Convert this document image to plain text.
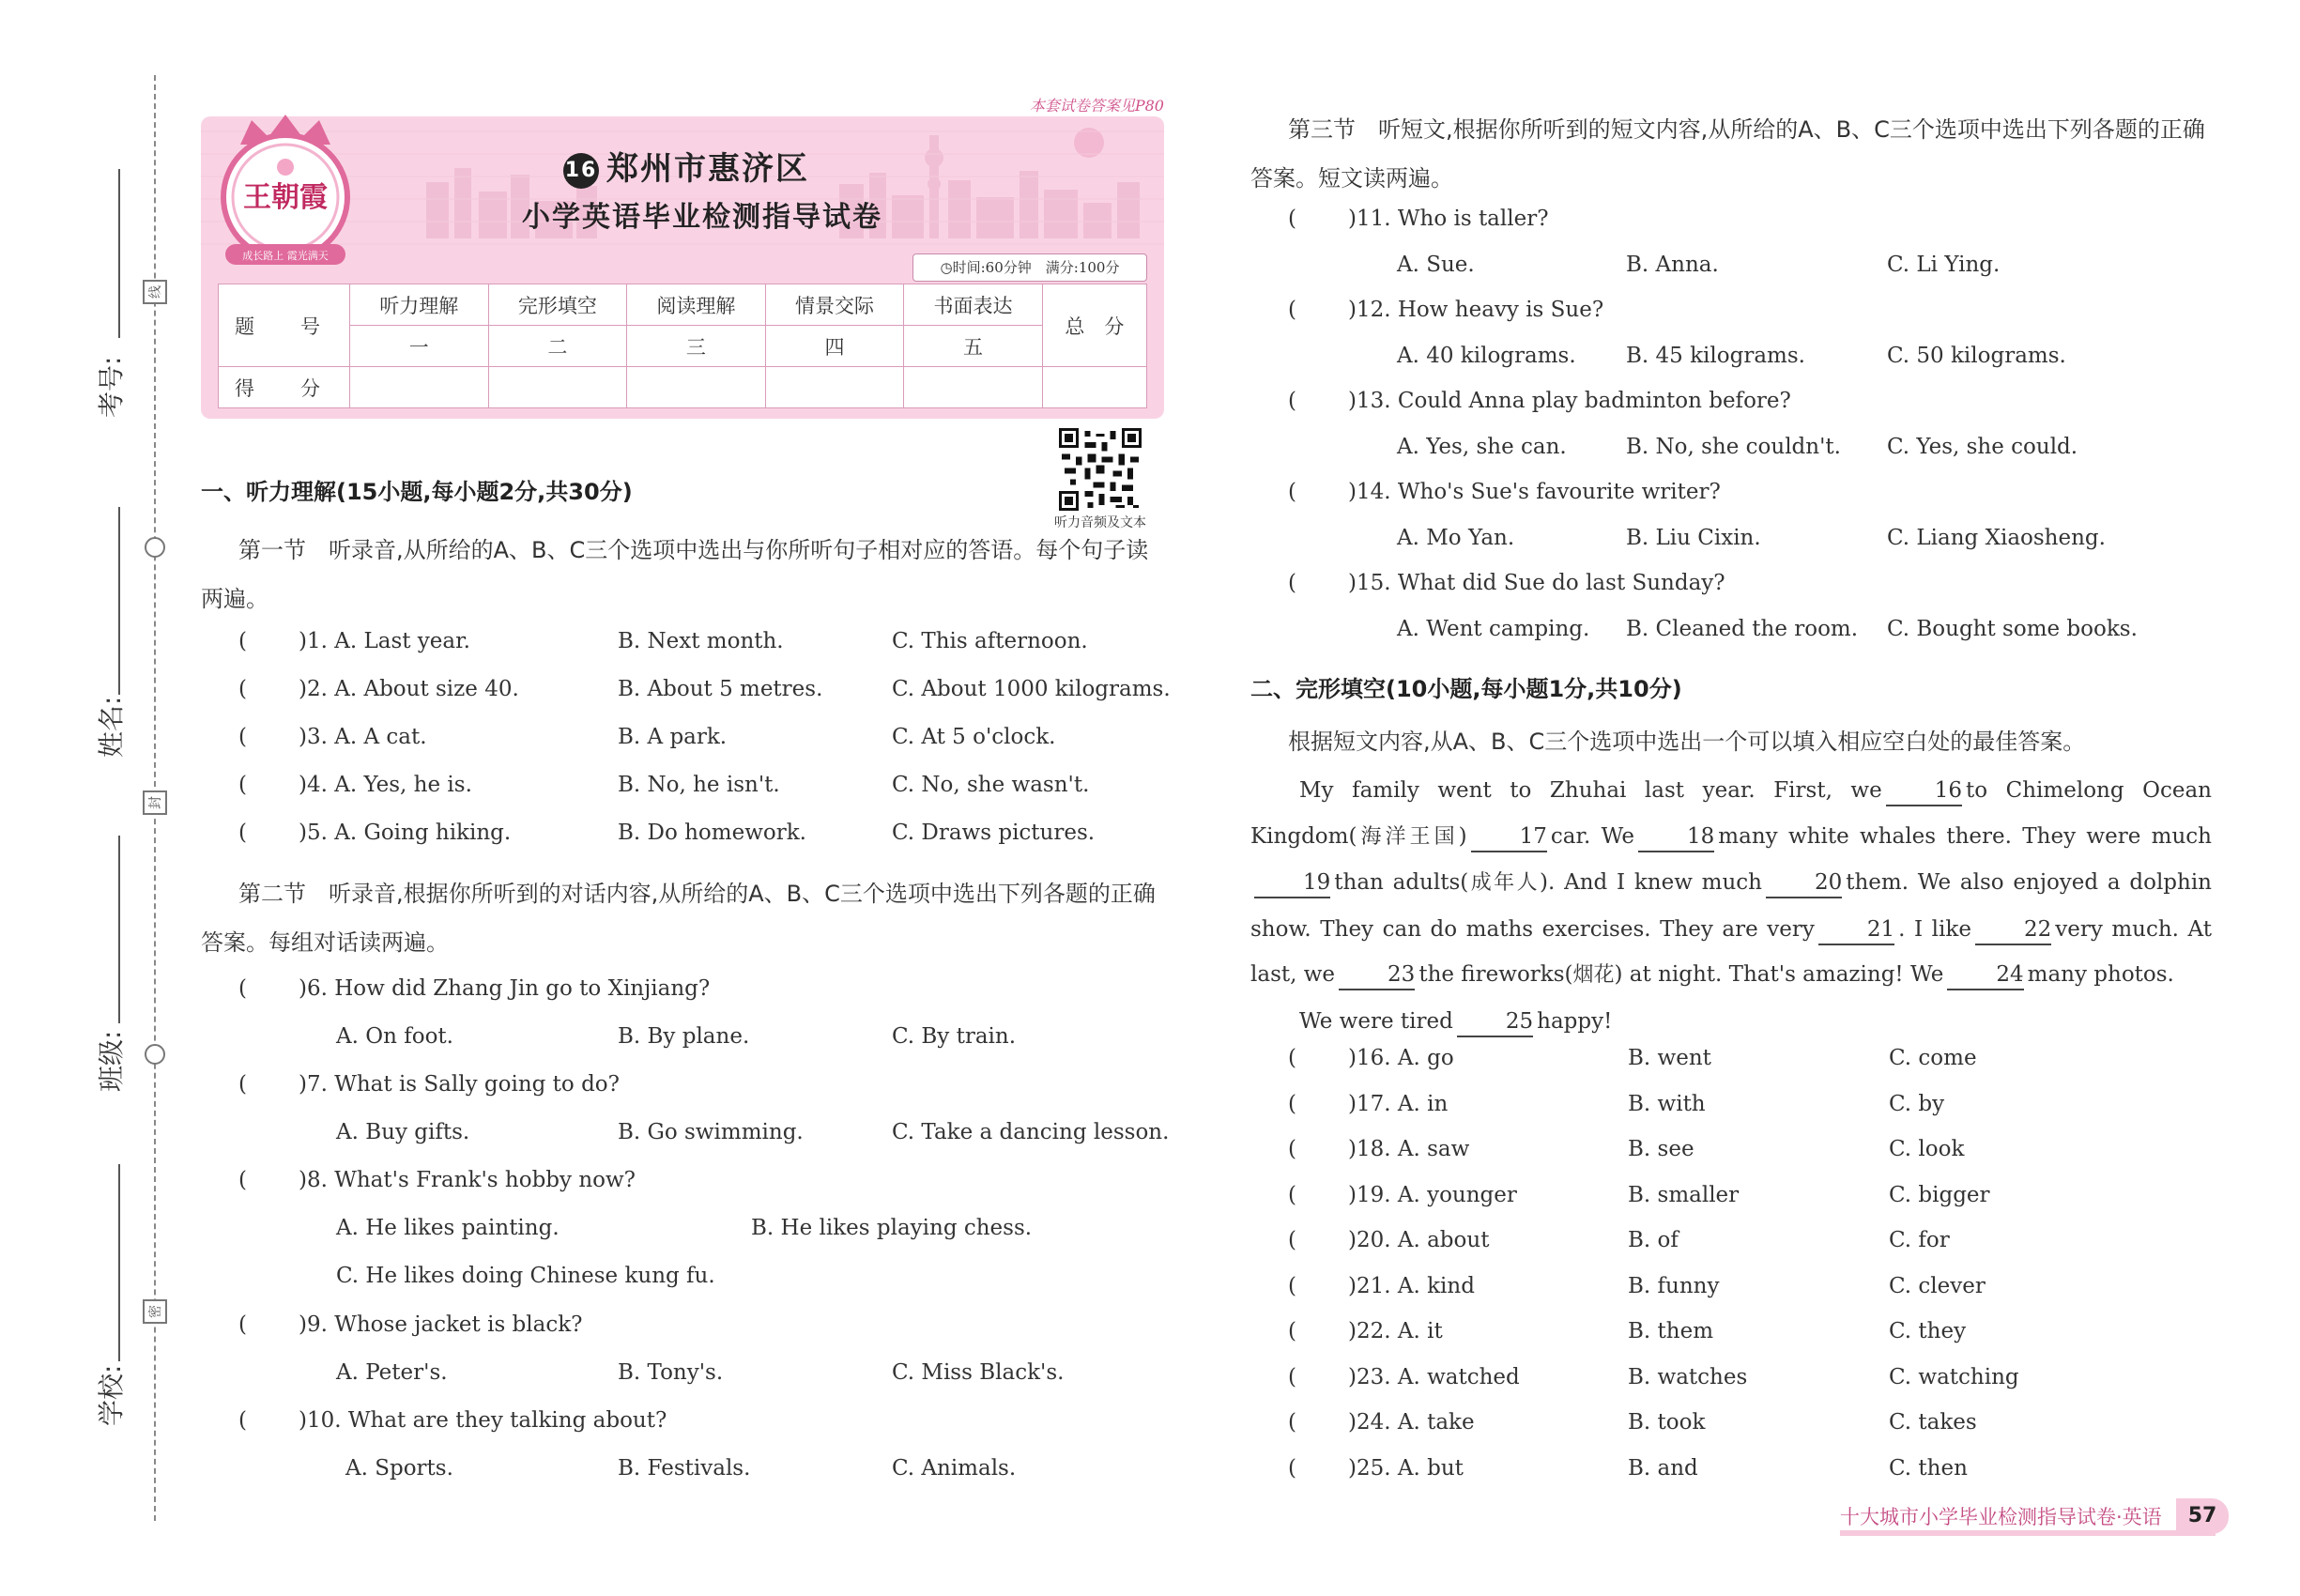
考号:
姓名:
班级:
学校:
线
封
密
本套试卷答案见P80
王朝霞
成长路上 霞光满天
16 郑州市惠济区
小学英语毕业检测指导试卷
◷时间:60分钟　满分:100分
题　号	听力理解	完形填空	阅读理解	情景交际	书面表达	总　分
	一	二	三	四	五	
得　分						
听力音频及文本
一、听力理解(15小题,每小题2分,共30分)
第一节　听录音,从所给的A、B、C三个选项中选出与你所听句子相对应的答语。每个句子读两遍。
( )1. A. Last year.	B. Next month.	C. This afternoon.
( )2. A. About size 40.	B. About 5 metres.	C. About 1000 kilograms.
( )3. A. A cat.	B. A park.	C. At 5 o'clock.
( )4. A. Yes, he is.	B. No, he isn't.	C. No, she wasn't.
( )5. A. Going hiking.	B. Do homework.	C. Draws pictures.
第二节　听录音,根据你所听到的对话内容,从所给的A、B、C三个选项中选出下列各题的正确答案。每组对话读两遍。
( )6. How did Zhang Jin go to Xinjiang?
A. On foot.	B. By plane.	C. By train.
( )7. What is Sally going to do?
A. Buy gifts.	B. Go swimming.	C. Take a dancing lesson.
( )8. What's Frank's hobby now?
A. He likes painting.	B. He likes playing chess.
C. He likes doing Chinese kung fu.
( )9. Whose jacket is black?
A. Peter's.	B. Tony's.	C. Miss Black's.
( )10. What are they talking about?
A. Sports.	B. Festivals.	C. Animals.
第三节　听短文,根据你所听到的短文内容,从所给的A、B、C三个选项中选出下列各题的正确答案。短文读两遍。
( )11. Who is taller?
A. Sue.	B. Anna.	C. Li Ying.
( )12. How heavy is Sue?
A. 40 kilograms. B. 45 kilograms.	C. 50 kilograms.
( )13. Could Anna play badminton before?
A. Yes, she can.	B. No, she couldn't. C. Yes, she could.
( )14. Who's Sue's favourite writer?
A. Mo Yan.	B. Liu Cixin.	C. Liang Xiaosheng.
( )15. What did Sue do last Sunday?
A. Went camping. B. Cleaned the room. C. Bought some books.
二、完形填空(10小题,每小题1分,共10分)
根据短文内容,从A、B、C三个选项中选出一个可以填入相应空白处的最佳答案。
My family went to Zhuhai last year. First, we 16 to Chimelong Ocean Kingdom(海洋王国) 17 car. We 18 many white whales there. They were much19 than adults(成年人). And I knew much 20 them. We also enjoyed a dolphin show. They can do maths exercises. They are very 21 . I like 22 very much. At last, we 23 the fireworks(烟花) at night. That's amazing! We 24 many photos.
We were tired 25 happy!
( )16. A. go	B. went	C. come
( )17. A. in	B. with	C. by
( )18. A. saw	B. see	C. look
( )19. A. younger	B. smaller	C. bigger
( )20. A. about	B. of	C. for
( )21. A. kind	B. funny	C. clever
( )22. A. it	B. them	C. they
( )23. A. watched	B. watches	C. watching
( )24. A. take	B. took	C. takes
( )25. A. but	B. and	C. then
十大城市小学毕业检测指导试卷·英语	57
